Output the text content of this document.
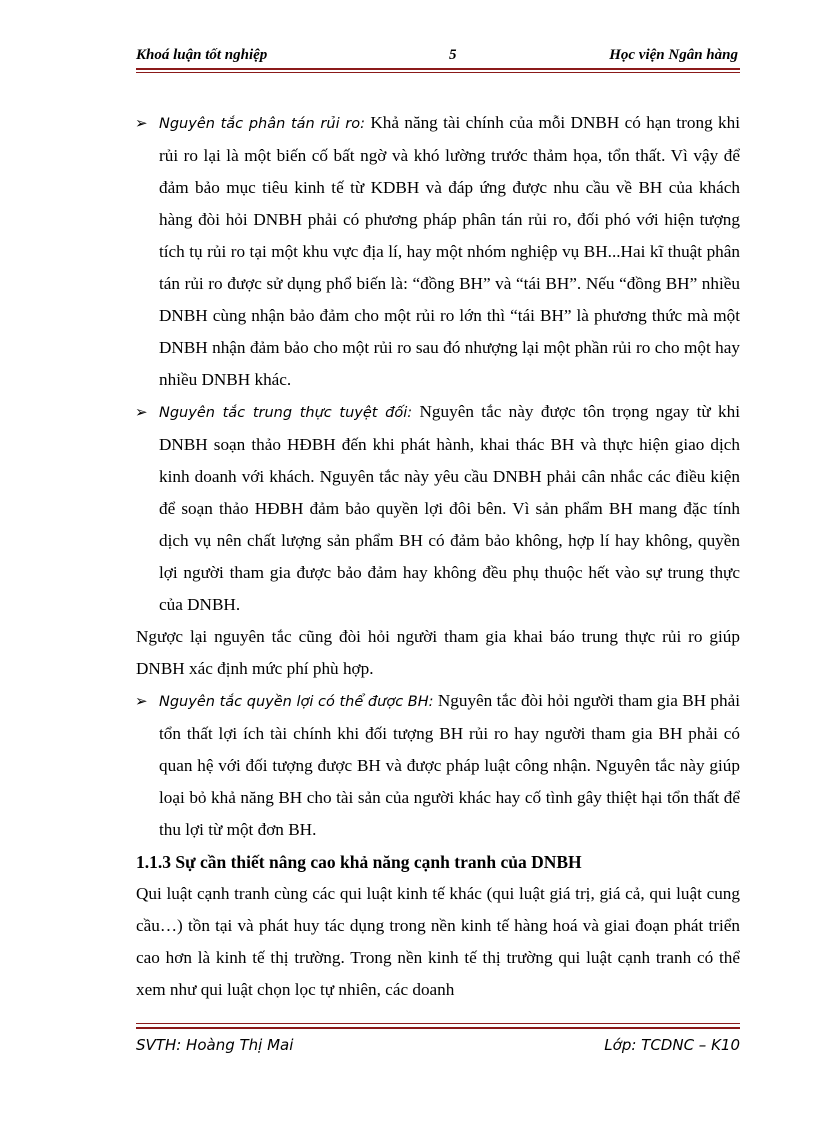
Khoá luận tốt nghiệp	5	Học viện Ngân hàng

➢ Nguyên tắc phân tán rủi ro: Khả năng tài chính của mỗi DNBH có hạn trong khi rủi ro lại là một biến cố bất ngờ và khó lường trước thảm họa, tổn thất. Vì vậy để đảm bảo mục tiêu kinh tế từ KDBH và đáp ứng được nhu cầu về BH của khách hàng đòi hỏi DNBH phải có phương pháp phân tán rủi ro, đối phó với hiện tượng tích tụ rủi ro tại một khu vực địa lí, hay một nhóm nghiệp vụ BH...Hai kĩ thuật phân tán rủi ro được sử dụng phổ biến là: “đồng BH” và “tái BH”. Nếu “đồng BH” nhiều DNBH cùng nhận bảo đảm cho một rủi ro lớn thì “tái BH” là phương thức mà một DNBH nhận đảm bảo cho một rủi ro sau đó nhượng lại một phần rủi ro cho một hay nhiều DNBH khác.

➢ Nguyên tắc trung thực tuyệt đối: Nguyên tắc này được tôn trọng ngay từ khi DNBH soạn thảo HĐBH đến khi phát hành, khai thác BH và thực hiện giao dịch kinh doanh với khách. Nguyên tắc này yêu cầu DNBH phải cân nhắc các điều kiện để soạn thảo HĐBH đảm bảo quyền lợi đôi bên. Vì sản phẩm BH mang đặc tính dịch vụ nên chất lượng sản phẩm BH có đảm bảo không, hợp lí hay không, quyền lợi người tham gia được bảo đảm hay không đều phụ thuộc hết vào sự trung thực của DNBH.

Ngược lại nguyên tắc cũng đòi hỏi người tham gia khai báo trung thực rủi ro giúp DNBH xác định mức phí phù hợp.

➢ Nguyên tắc quyền lợi có thể được BH: Nguyên tắc đòi hỏi người tham gia BH phải tổn thất lợi ích tài chính khi đối tượng BH rủi ro hay người tham gia BH phải có quan hệ với đối tượng được BH và được pháp luật công nhận. Nguyên tắc này giúp loại bỏ khả năng BH cho tài sản của người khác hay cố tình gây thiệt hại tổn thất để thu lợi từ một đơn BH.

1.1.3 Sự cần thiết nâng cao khả năng cạnh tranh của DNBH

Qui luật cạnh tranh cùng các qui luật kinh tế khác (qui luật giá trị, giá cả, qui luật cung cầu…) tồn tại và phát huy tác dụng trong nền kinh tế hàng hoá và giai đoạn phát triển cao hơn là kinh tế thị trường. Trong nền kinh tế thị trường qui luật cạnh tranh có thể xem như qui luật chọn lọc tự nhiên, các doanh

SVTH: Hoàng Thị Mai	Lớp: TCDNC – K10
